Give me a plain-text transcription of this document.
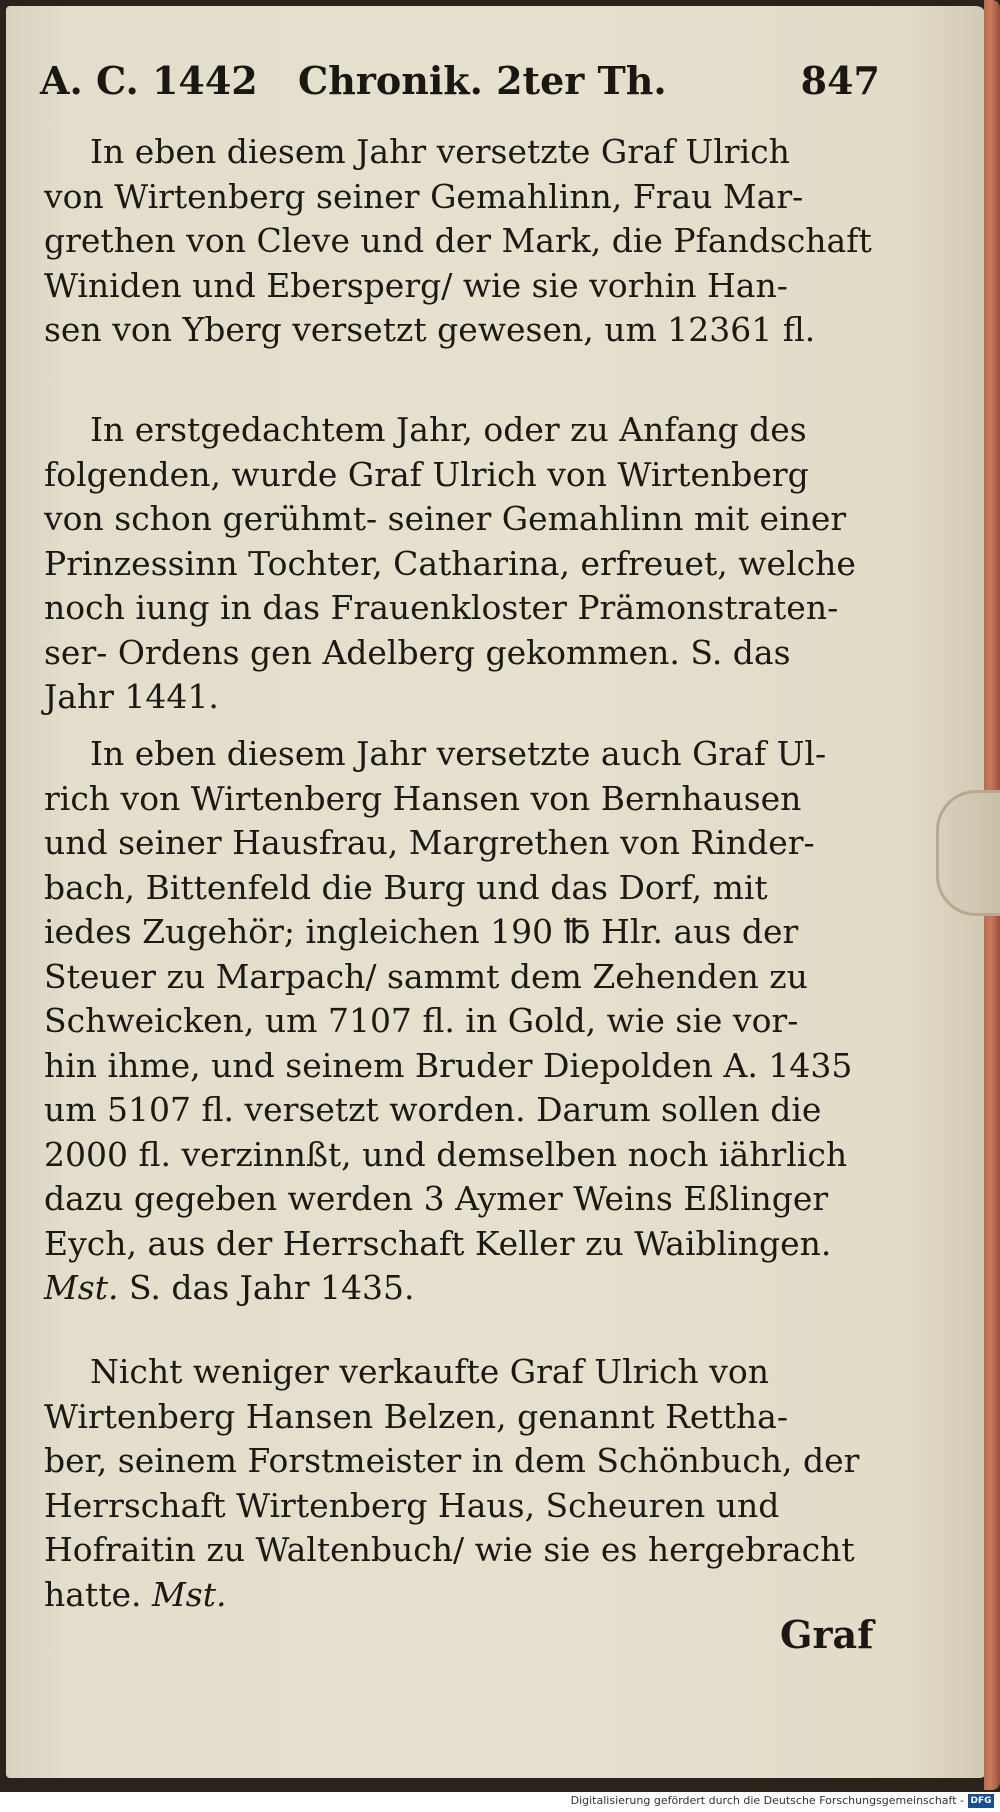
A. C. 1442 Chronik. 2ter Th.	847
In eben diesem Jahr versetzte Graf Ulrich
von Wirtenberg seiner Gemahlinn, Frau Mar-
grethen von Cleve und der Mark, die Pfandschaft
Winiden und Ebersperg/ wie sie vorhin Han-
sen von Yberg versetzt gewesen, um 12361 fl.
In erstgedachtem Jahr, oder zu Anfang des
folgenden, wurde Graf Ulrich von Wirtenberg
von schon gerühmt- seiner Gemahlinn mit einer
Prinzessinn Tochter, Catharina, erfreuet, welche
noch iung in das Frauenkloster Prämonstraten-
ser- Ordens gen Adelberg gekommen. S. das
Jahr 1441.
In eben diesem Jahr versetzte auch Graf Ul-
rich von Wirtenberg Hansen von Bernhausen
und seiner Hausfrau, Margrethen von Rinder-
bach, Bittenfeld die Burg und das Dorf, mit
iedes Zugehör; ingleichen 190 ℔ Hlr. aus der
Steuer zu Marpach/ sammt dem Zehenden zu
Schweicken, um 7107 fl. in Gold, wie sie vor-
hin ihme, und seinem Bruder Diepolden A. 1435
um 5107 fl. versetzt worden. Darum sollen die
2000 fl. verzinnßt, und demselben noch iährlich
dazu gegeben werden 3 Aymer Weins Eßlinger
Eych, aus der Herrschaft Keller zu Waiblingen.
Mst. S. das Jahr 1435.
Nicht weniger verkaufte Graf Ulrich von
Wirtenberg Hansen Belzen, genannt Rettha-
ber, seinem Forstmeister in dem Schönbuch, der
Herrschaft Wirtenberg Haus, Scheuren und
Hofraitin zu Waltenbuch/ wie sie es hergebracht
hatte. Mst.
Graf
Digitalisierung gefördert durch die Deutsche Forschungsgemeinschaft - DFG
